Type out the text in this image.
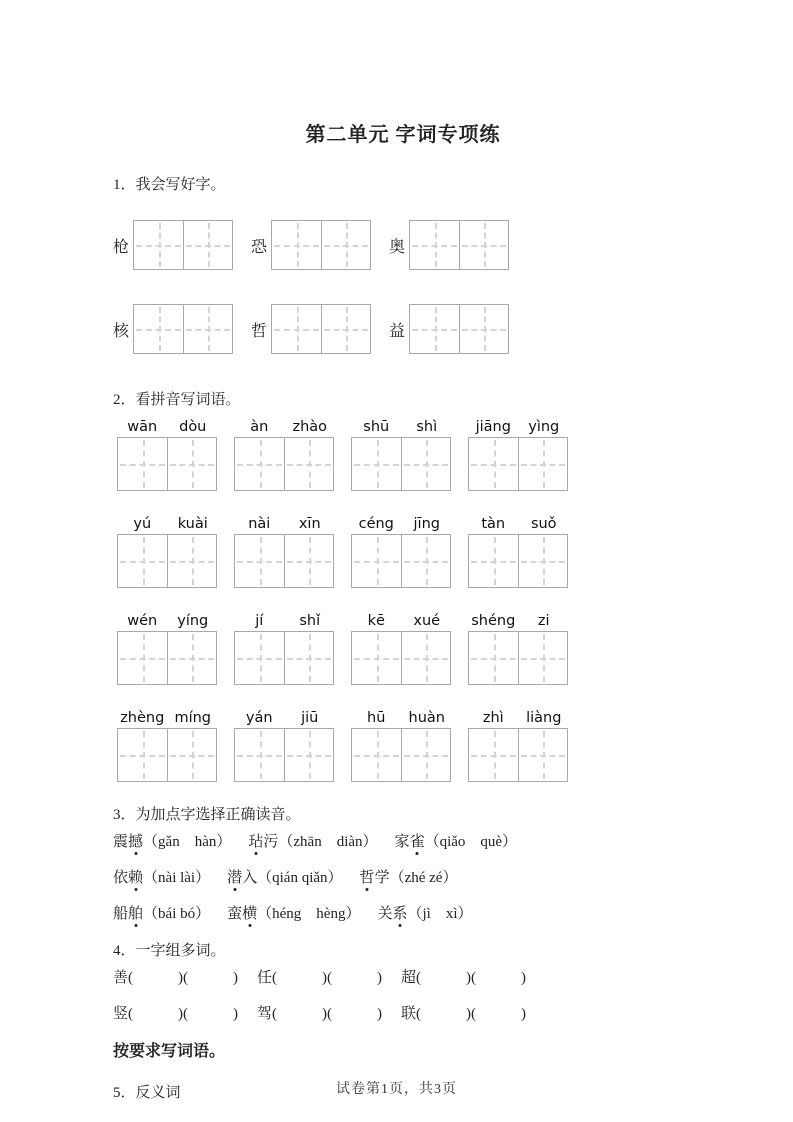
第二单元 字词专项练
1．我会写好字。
枪	恐	奥
核	哲	益
2．看拼音写词语。
wān	dòu	àn	zhào	shū	shì	jiāng	yìng
yú	kuài	nài	xīn	céng	jīng	tàn	suǒ
wén	yíng	jí	shǐ	kē	xué	shéng	zi
zhèng míng	yán	jiū	hū	huàn	zhì	liàng
3．为加点字选择正确读音。
震撼（gǎn　hàn） 玷污（zhān　diàn） 家雀（qiǎo　què）
依赖（nài lài） 潜入（qián qiǎn） 哲学（zhé zé）
船舶（bái bó） 蛮横（héng　hèng） 关系（jì　xì）
4．一字组多词。
善(　　　)(　　　) 任(　　　)(　　　) 超(　　　)(　　　)
竖(　　　)(　　　) 驾(　　　)(　　　) 联(　　　)(　　　)
按要求写词语。
5．反义词	试卷第1页，共3页
